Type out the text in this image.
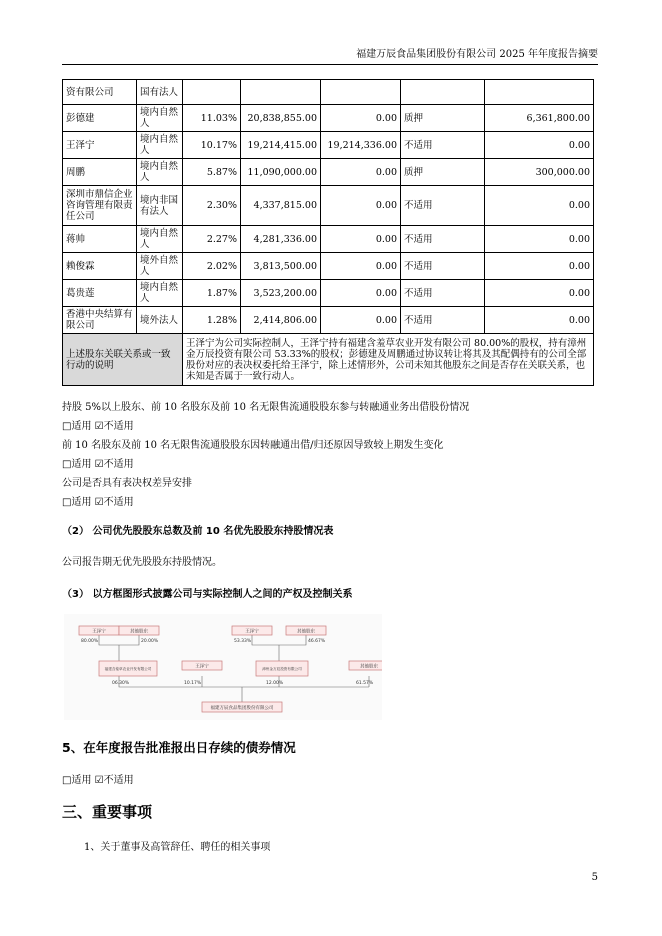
福建万辰食品集团股份有限公司 2025 年年度报告摘要
资有限公司	国有法人					
彭德建	境内自然人	11.03%	20,838,855.00	0.00	质押	6,361,800.00
王泽宁	境内自然人	10.17%	19,214,415.00	19,214,336.00	不适用	0.00
周鹏	境内自然人	5.87%	11,090,000.00	0.00	质押	300,000.00
深圳市鼎信企业咨询管理有限责任公司	境内非国有法人	2.30%	4,337,815.00	0.00	不适用	0.00
蒋帅	境内自然人	2.27%	4,281,336.00	0.00	不适用	0.00
赖俊霖	境外自然人	2.02%	3,813,500.00	0.00	不适用	0.00
葛贵莲	境内自然人	1.87%	3,523,200.00	0.00	不适用	0.00
香港中央结算有限公司	境外法人	1.28%	2,414,806.00	0.00	不适用	0.00
上述股东关联关系或一致行动的说明		王泽宁为公司实际控制人，王泽宁持有福建含羞草农业开发有限公司 80.00%的股权，持有漳州金万辰投资有限公司 53.33%的股权；彭德建及周鹏通过协议转让将其及其配偶持有的公司全部股份对应的表决权委托给王泽宁，除上述情形外，公司未知其他股东之间是否存在关联关系，也未知是否属于一致行动人。				
持股 5%以上股东、前 10 名股东及前 10 名无限售流通股股东参与转融通业务出借股份情况
□适用 ☑不适用
前 10 名股东及前 10 名无限售流通股股东因转融通出借/归还原因导致较上期发生变化
□适用 ☑不适用
公司是否具有表决权差异安排
□适用 ☑不适用
（2） 公司优先股股东总数及前 10 名优先股股东持股情况表
公司报告期无优先股股东持股情况。
（3） 以方框图形式披露公司与实际控制人之间的产权及控制关系
王泽宁	其他股东	王泽宁	其他股东
80.00%	20.00%	53.33%	46.67%
福建含羞草农业开发有限公司	王泽宁	漳州金万辰投资有限公司	其他股东
06.30%	10.17%	12.00%	61.57%
福建万辰食品集团股份有限公司
5、在年度报告批准报出日存续的债券情况
□适用 ☑不适用
三、重要事项
1、关于董事及高管辞任、聘任的相关事项
5
